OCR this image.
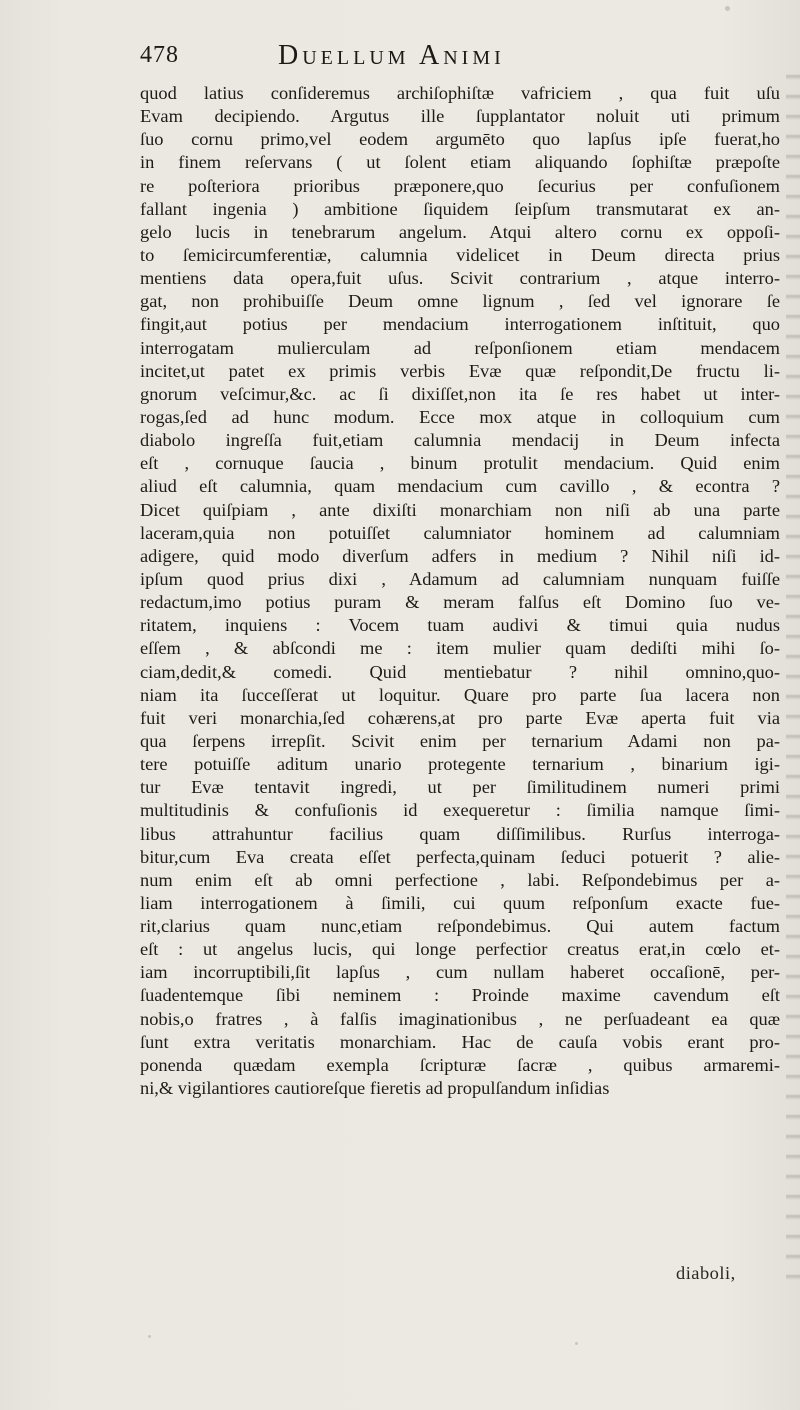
478	Duellum Animi
quod latius conſideremus archiſophiſtæ vafriciem , qua fuit uſu
Evam decipiendo. Argutus ille ſupplantator noluit uti primum
ſuo cornu primo,vel eodem argumēto quo lapſus ipſe fuerat,ho
in finem reſervans ( ut ſolent etiam aliquando ſophiſtæ præpoſte
re poſteriora prioribus præponere,quo ſecurius per confuſionem
fallant ingenia ) ambitione ſiquidem ſeipſum transmutarat ex an-
gelo lucis in tenebrarum angelum. Atqui altero cornu ex oppoſi-
to ſemicircumferentiæ, calumnia videlicet in Deum directa prius
mentiens data opera,fuit uſus. Scivit contrarium , atque interro-
gat, non prohibuiſſe Deum omne lignum , ſed vel ignorare ſe
fingit,aut potius per mendacium interrogationem inſtituit, quo
interrogatam mulierculam ad reſponſionem etiam mendacem
incitet,ut patet ex primis verbis Evæ quæ reſpondit,De fructu li-
gnorum veſcimur,&c. ac ſi dixiſſet,non ita ſe res habet ut inter-
rogas,ſed ad hunc modum. Ecce mox atque in colloquium cum
diabolo ingreſſa fuit,etiam calumnia mendacij in Deum infecta
eſt , cornuque ſaucia , binum protulit mendacium. Quid enim
aliud eſt calumnia, quam mendacium cum cavillo , & econtra ?
Dicet quiſpiam , ante dixiſti monarchiam non niſi ab una parte
laceram,quia non potuiſſet calumniator hominem ad calumniam
adigere, quid modo diverſum adfers in medium ? Nihil niſi id-
ipſum quod prius dixi , Adamum ad calumniam nunquam fuiſſe
redactum,imo potius puram & meram falſus eſt Domino ſuo ve-
ritatem, inquiens : Vocem tuam audivi & timui quia nudus
eſſem , & abſcondi me : item mulier quam dediſti mihi ſo-
ciam,dedit,& comedi. Quid mentiebatur ? nihil omnino,quo-
niam ita ſucceſſerat ut loquitur. Quare pro parte ſua lacera non
fuit veri monarchia,ſed cohærens,at pro parte Evæ aperta fuit via
qua ſerpens irrepſit. Scivit enim per ternarium Adami non pa-
tere potuiſſe aditum unario protegente ternarium , binarium igi-
tur Evæ tentavit ingredi, ut per ſimilitudinem numeri primi
multitudinis & confuſionis id exequeretur : ſimilia namque ſimi-
libus attrahuntur facilius quam diſſimilibus. Rurſus interroga-
bitur,cum Eva creata eſſet perfecta,quinam ſeduci potuerit ? alie-
num enim eſt ab omni perfectione , labi. Reſpondebimus per a-
liam interrogationem à ſimili, cui quum reſponſum exacte fue-
rit,clarius quam nunc,etiam reſpondebimus. Qui autem factum
eſt : ut angelus lucis, qui longe perfectior creatus erat,in cœlo et-
iam incorruptibili,ſit lapſus , cum nullam haberet occaſionē, per-
ſuadentemque ſibi neminem : Proinde maxime cavendum eſt
nobis,o fratres , à falſis imaginationibus , ne perſuadeant ea quæ
ſunt extra veritatis monarchiam. Hac de cauſa vobis erant pro-
ponenda quædam exempla ſcripturæ ſacræ , quibus armaremi-
ni,& vigilantiores cautioreſque fieretis ad propulſandum inſidias
diaboli,
